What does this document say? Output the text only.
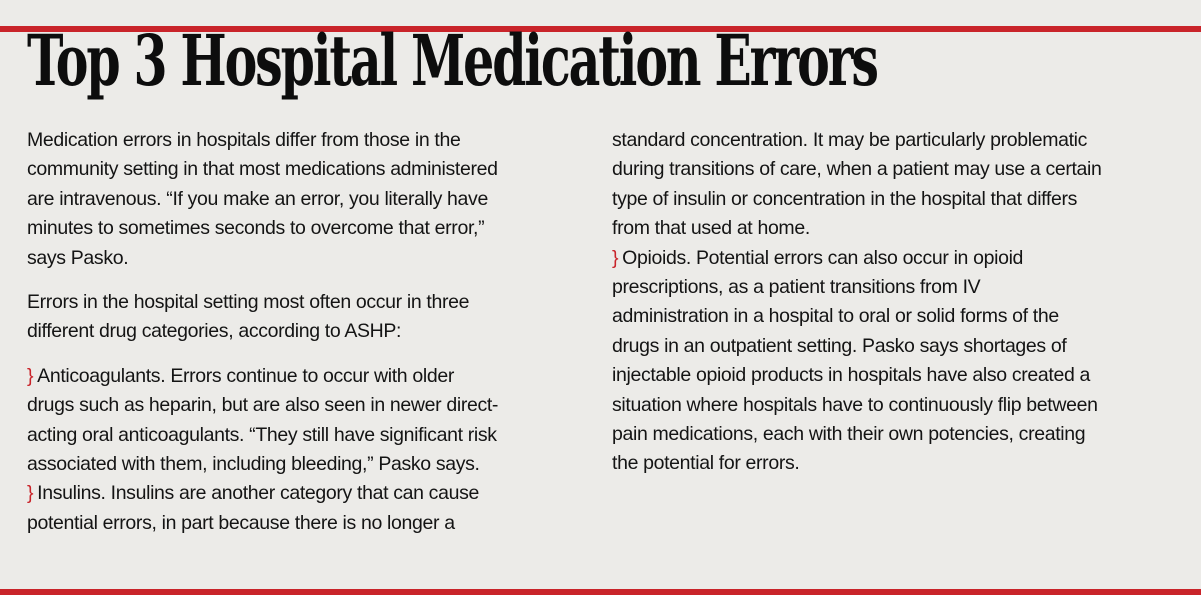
Top 3 Hospital Medication Errors
Medication errors in hospitals differ from those in the
community setting in that most medications administered
are intravenous. “If you make an error, you literally have
minutes to sometimes seconds to overcome that error,”
says Pasko.
Errors in the hospital setting most often occur in three
different drug categories, according to ASHP:
} Anticoagulants. Errors continue to occur with older
drugs such as heparin, but are also seen in newer direct-
acting oral anticoagulants. “They still have significant risk
associated with them, including bleeding,” Pasko says.
} Insulins. Insulins are another category that can cause
potential errors, in part because there is no longer a
standard concentration. It may be particularly problematic
during transitions of care, when a patient may use a certain
type of insulin or concentration in the hospital that differs
from that used at home.
} Opioids. Potential errors can also occur in opioid
prescriptions, as a patient transitions from IV
administration in a hospital to oral or solid forms of the
drugs in an outpatient setting. Pasko says shortages of
injectable opioid products in hospitals have also created a
situation where hospitals have to continuously flip between
pain medications, each with their own potencies, creating
the potential for errors.
